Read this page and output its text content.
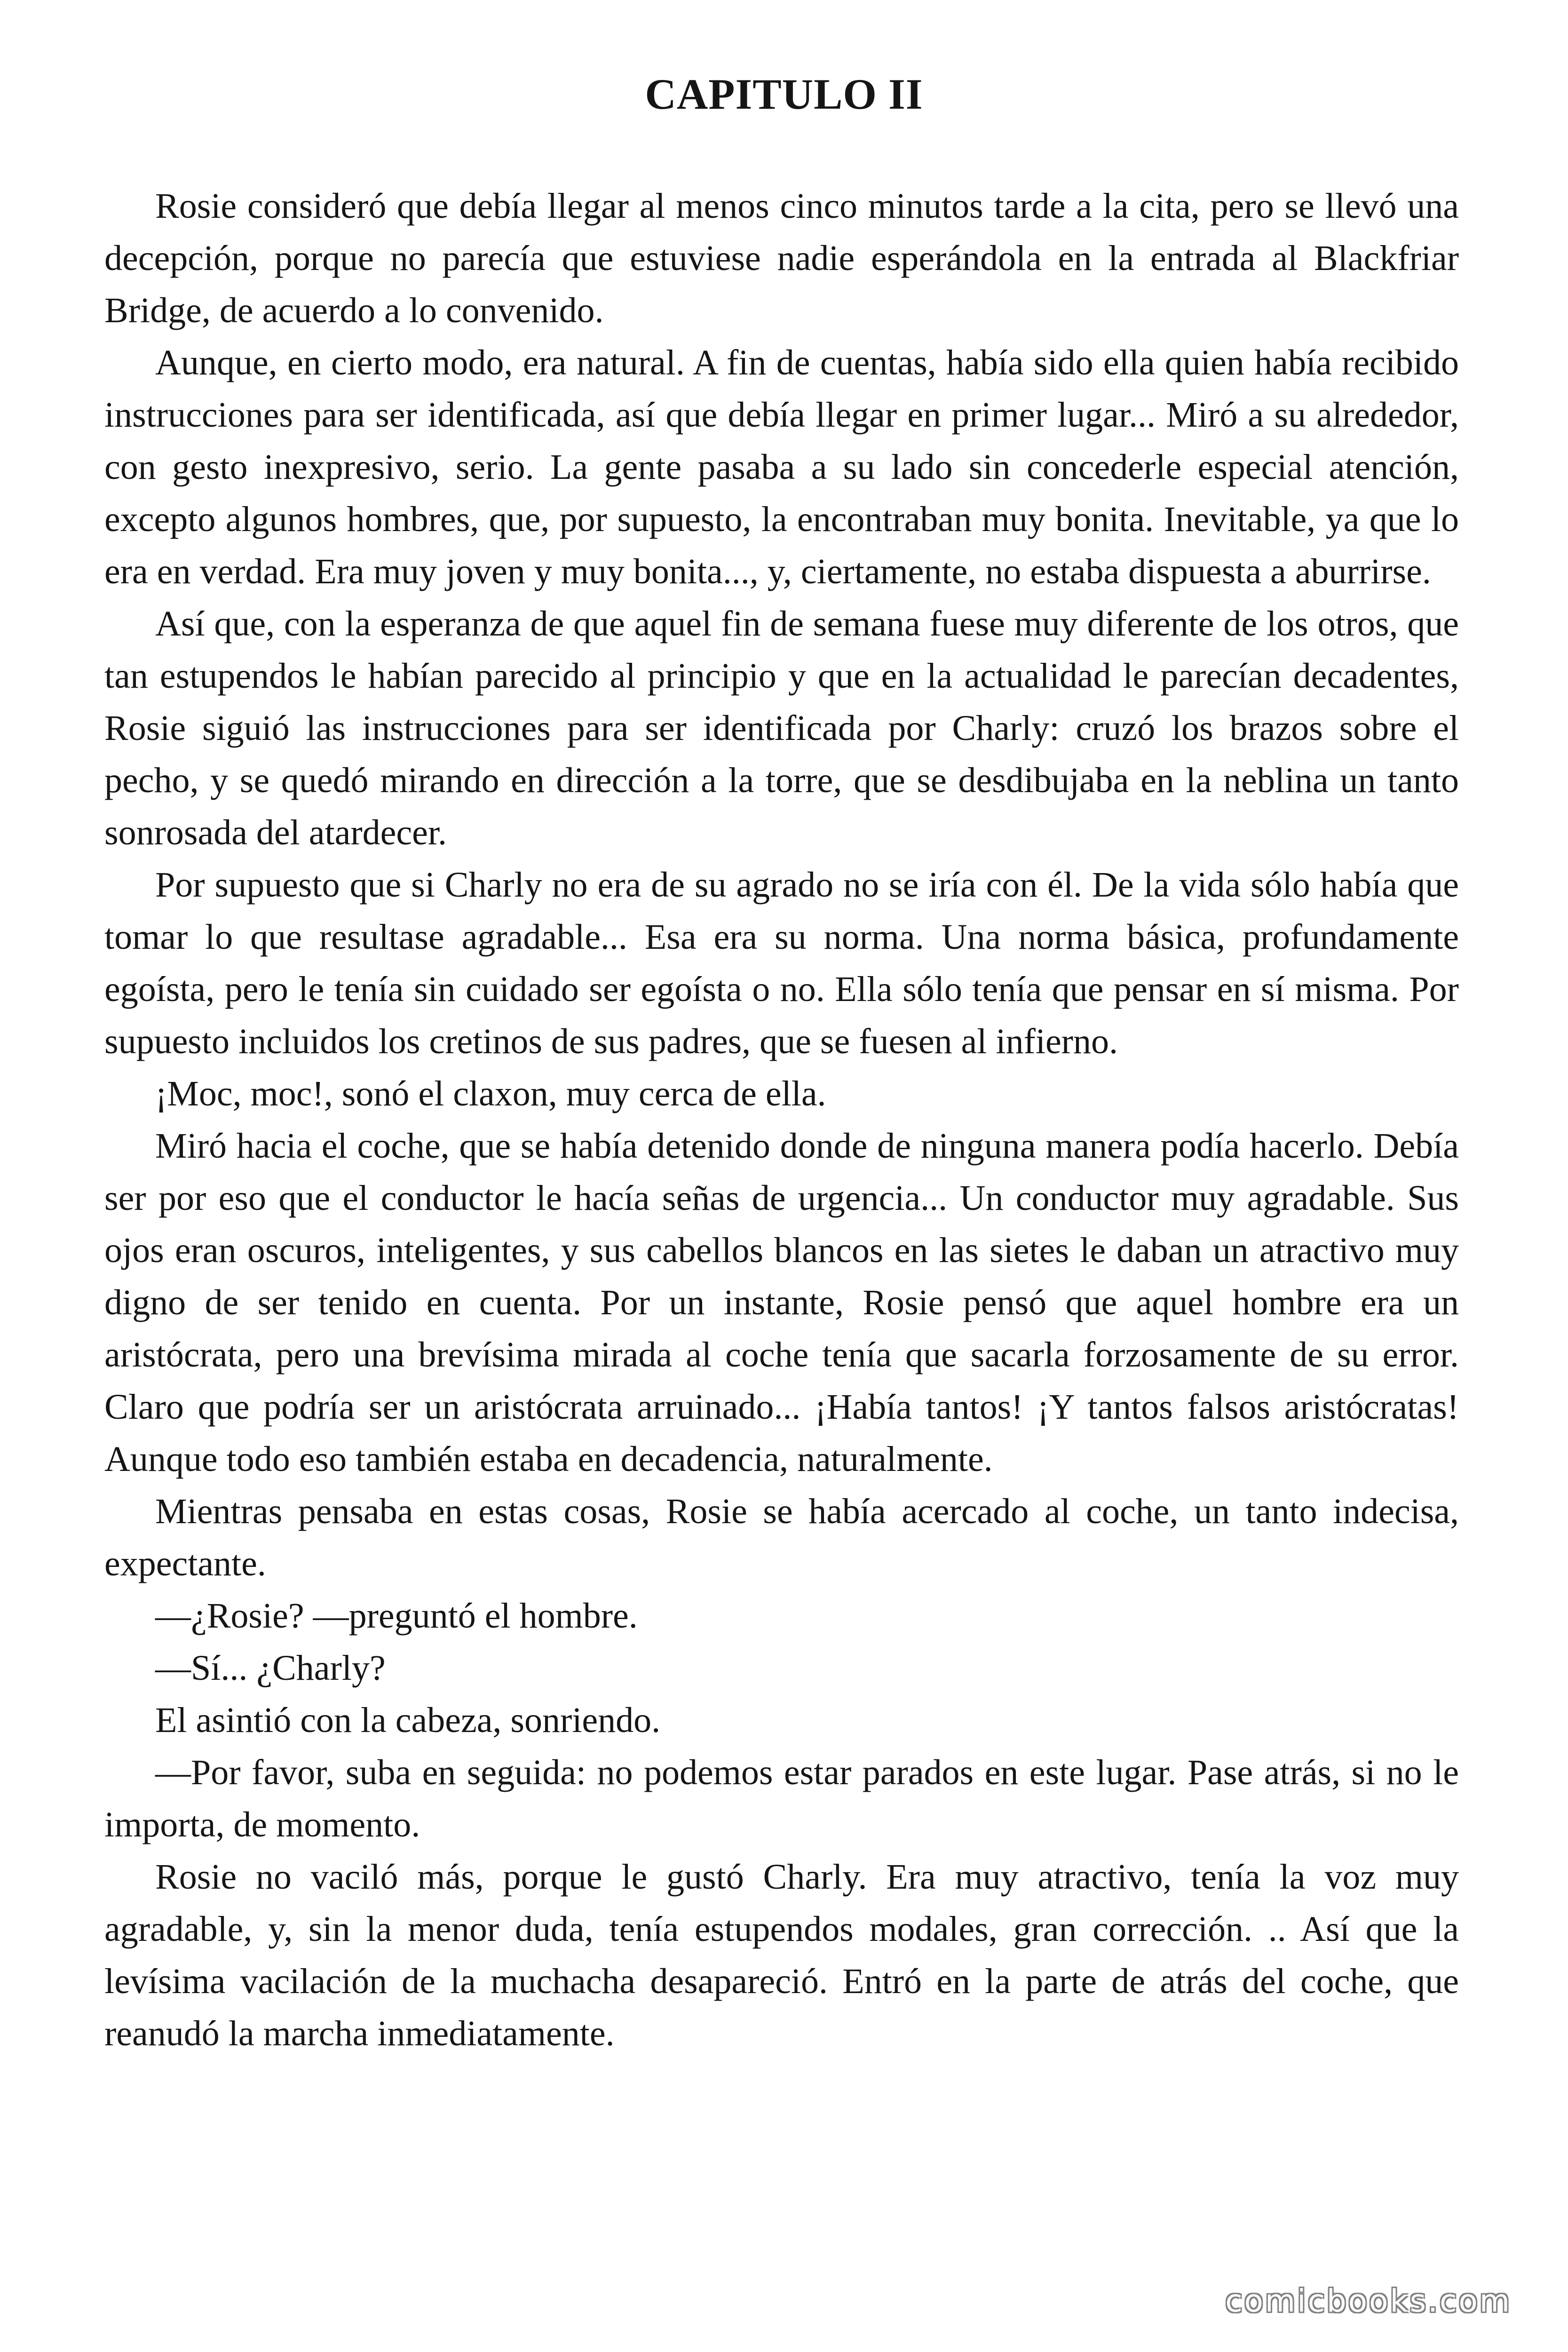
CAPITULO II

Rosie consideró que debía llegar al menos cinco minutos tarde a la cita, pero se llevó una decepción, porque no parecía que estuviese nadie esperándola en la entrada al Blackfriar Bridge, de acuerdo a lo convenido.

Aunque, en cierto modo, era natural. A fin de cuentas, había sido ella quien había recibido instrucciones para ser identificada, así que debía llegar en primer lugar... Miró a su alrededor, con gesto inexpresivo, serio. La gente pasaba a su lado sin concederle especial atención, excepto algunos hombres, que, por supuesto, la encontraban muy bonita. Inevitable, ya que lo era en verdad. Era muy joven y muy bonita..., y, ciertamente, no estaba dispuesta a aburrirse.

Así que, con la esperanza de que aquel fin de semana fuese muy diferente de los otros, que tan estupendos le habían parecido al principio y que en la actualidad le parecían decadentes, Rosie siguió las instrucciones para ser identificada por Charly: cruzó los brazos sobre el pecho, y se quedó mirando en dirección a la torre, que se desdibujaba en la neblina un tanto sonrosada del atardecer.

Por supuesto que si Charly no era de su agrado no se iría con él. De la vida sólo había que tomar lo que resultase agradable... Esa era su norma. Una norma básica, profundamente egoísta, pero le tenía sin cuidado ser egoísta o no. Ella sólo tenía que pensar en sí misma. Por supuesto incluidos los cretinos de sus padres, que se fuesen al infierno.

¡Moc, moc!, sonó el claxon, muy cerca de ella.

Miró hacia el coche, que se había detenido donde de ninguna manera podía hacerlo. Debía ser por eso que el conductor le hacía señas de urgencia... Un conductor muy agradable. Sus ojos eran oscuros, inteligentes, y sus cabellos blancos en las sietes le daban un atractivo muy digno de ser tenido en cuenta. Por un instante, Rosie pensó que aquel hombre era un aristócrata, pero una brevísima mirada al coche tenía que sacarla forzosamente de su error. Claro que podría ser un aristócrata arruinado... ¡Había tantos! ¡Y tantos falsos aristócratas! Aunque todo eso también estaba en decadencia, naturalmente.

Mientras pensaba en estas cosas, Rosie se había acercado al coche, un tanto indecisa, expectante.

—¿Rosie? —preguntó el hombre.

—Sí... ¿Charly?

El asintió con la cabeza, sonriendo.

—Por favor, suba en seguida: no podemos estar parados en este lugar. Pase atrás, si no le importa, de momento.

Rosie no vaciló más, porque le gustó Charly. Era muy atractivo, tenía la voz muy agradable, y, sin la menor duda, tenía estupendos modales, gran corrección. .. Así que la levísima vacilación de la muchacha desapareció. Entró en la parte de atrás del coche, que reanudó la marcha inmediatamente.

comicbooks.com
